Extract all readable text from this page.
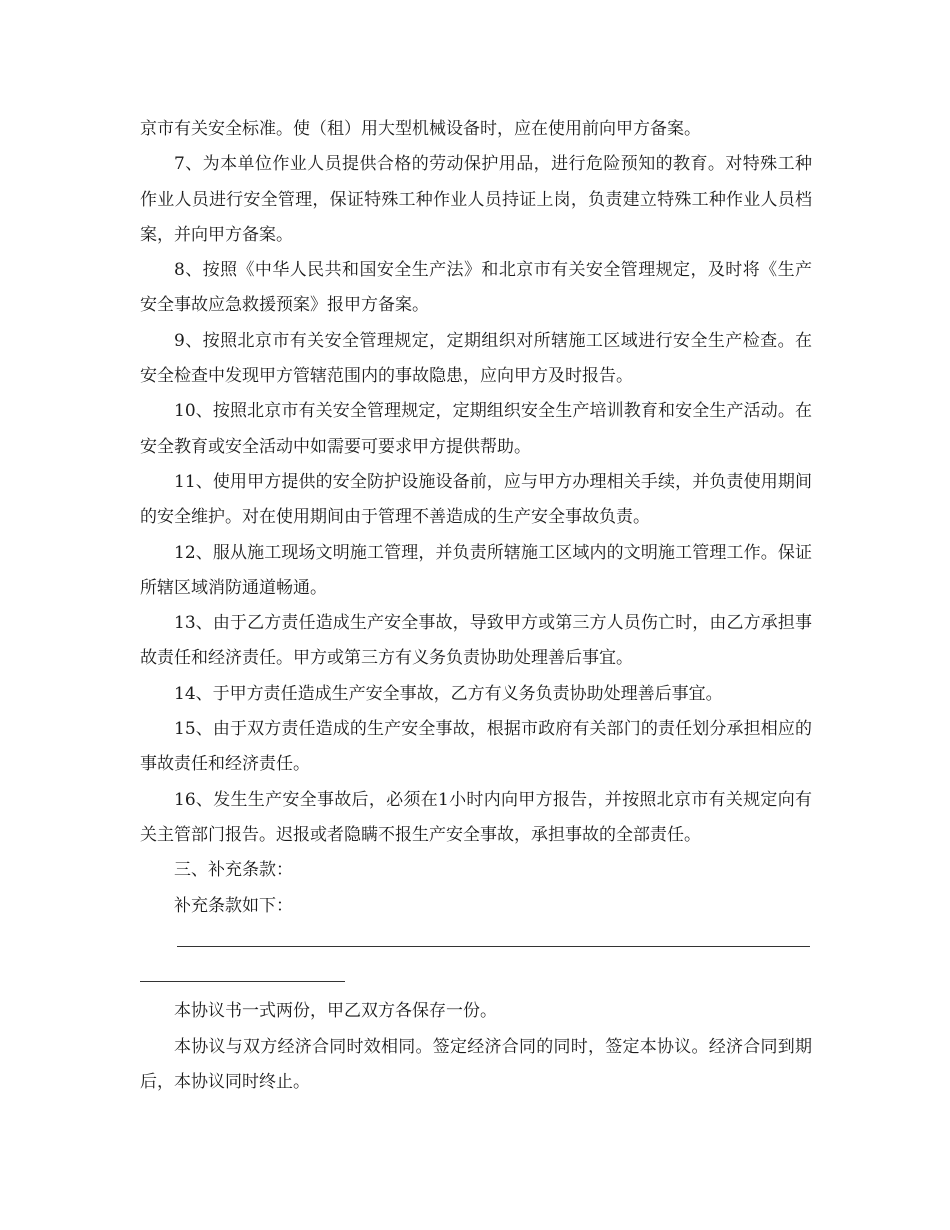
京市有关安全标准。使（租）用大型机械设备时，应在使用前向甲方备案。

7、为本单位作业人员提供合格的劳动保护用品，进行危险预知的教育。对特殊工种作业人员进行安全管理，保证特殊工种作业人员持证上岗，负责建立特殊工种作业人员档案，并向甲方备案。

8、按照《中华人民共和国安全生产法》和北京市有关安全管理规定，及时将《生产安全事故应急救援预案》报甲方备案。

9、按照北京市有关安全管理规定，定期组织对所辖施工区域进行安全生产检查。在安全检查中发现甲方管辖范围内的事故隐患，应向甲方及时报告。

10、按照北京市有关安全管理规定，定期组织安全生产培训教育和安全生产活动。在安全教育或安全活动中如需要可要求甲方提供帮助。

11、使用甲方提供的安全防护设施设备前，应与甲方办理相关手续，并负责使用期间的安全维护。对在使用期间由于管理不善造成的生产安全事故负责。

12、服从施工现场文明施工管理，并负责所辖施工区域内的文明施工管理工作。保证所辖区域消防通道畅通。

13、由于乙方责任造成生产安全事故，导致甲方或第三方人员伤亡时，由乙方承担事故责任和经济责任。甲方或第三方有义务负责协助处理善后事宜。

14、于甲方责任造成生产安全事故，乙方有义务负责协助处理善后事宜。

15、由于双方责任造成的生产安全事故，根据市政府有关部门的责任划分承担相应的事故责任和经济责任。

16、发生生产安全事故后，必须在1小时内向甲方报告，并按照北京市有关规定向有关主管部门报告。迟报或者隐瞒不报生产安全事故，承担事故的全部责任。

三、补充条款：

补充条款如下：

本协议书一式两份，甲乙双方各保存一份。

本协议与双方经济合同时效相同。签定经济合同的同时，签定本协议。经济合同到期后，本协议同时终止。
